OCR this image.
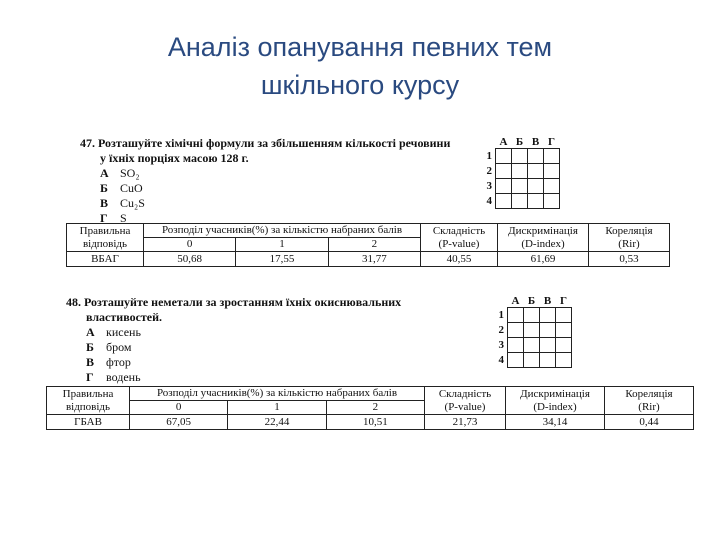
Аналіз опанування певних тем
шкільного курсу
47. Розташуйте хімічні формули за збільшенням кількості речовини
у їхніх порціях масою 128 г.
А SO₂
Б	CuO
В Cu₂S
Г	S
	А	Б	В	Г
1				
2				
3				
4				
Правильна
відповідь	Розподіл учасників(%) за кількістю набраних балів			Складність
(P-value)	Дискримінація
(D-index)	Кореляція
(Rir)
	0	1	2			
ВБАГ	50,68	17,55	31,77	40,55	61,69	0,53
48. Розташуйте неметали за зростанням їхніх окиснювальних
властивостей.
А кисень
Б	бром
В фтор
Г	водень
	А	Б	В	Г
1				
2				
3				
4				
Правильна
відповідь	Розподіл учасників(%) за кількістю набраних балів			Складність
(P-value)	Дискримінація
(D-index)	Кореляція
(Rir)
	0	1	2			
ГБАВ	67,05	22,44	10,51	21,73	34,14	0,44
